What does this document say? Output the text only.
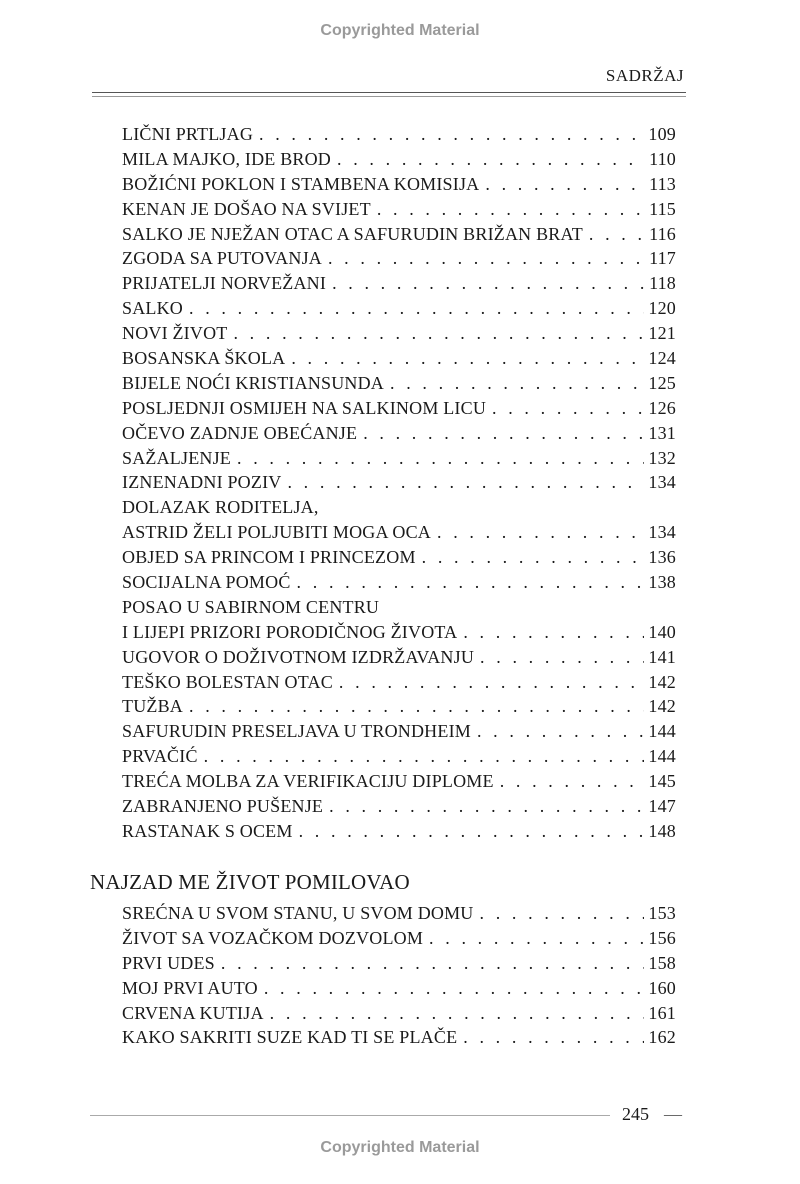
Copyrighted Material
SADRŽAJ
LIČNI PRTLJAG . . .	109
MILA MAJKO, IDE BROD . . .	110
BOŽIĆNI POKLON I STAMBENA KOMISIJA . . .	113
KENAN JE DOŠAO NA SVIJET . . .	115
SALKO JE NJEŽAN OTAC A SAFURUDIN BRIŽAN BRAT . . .	116
ZGODA SA PUTOVANJA . . .	117
PRIJATELJI NORVEŽANI . . .	118
SALKO . . .	120
NOVI ŽIVOT . . .	121
BOSANSKA ŠKOLA . . .	124
BIJELE NOĆI KRISTIANSUNDA . . .	125
POSLJEDNJI OSMIJEH NA SALKINOM LICU . . .	126
OČEVO ZADNJE OBEĆANJE . . .	131
SAŽALJENJE . . .	132
IZNENADNI POZIV . . .	134
DOLAZAK RODITELJA,
ASTRID ŽELI POLJUBITI MOGA OCA . . .	134
OBJED SA PRINCOM I PRINCEZOM . . .	136
SOCIJALNA POMOĆ . . .	138
POSAO U SABIRNOM CENTRU
I LIJEPI PRIZORI PORODIČNOG ŽIVOTA . . .	140
UGOVOR O DOŽIVOTNOM IZDRŽAVANJU . . .	141
TEŠKO BOLESTAN OTAC . . .	142
TUŽBA . . .	142
SAFURUDIN PRESELJAVA U TRONDHEIM . . .	144
PRVAČIĆ . . .	144
TREĆA MOLBA ZA VERIFIKACIJU DIPLOME . . .	145
ZABRANJENO PUŠENJE . . .	147
RASTANAK S OCEM . . .	148
NAJZAD ME ŽIVOT POMILOVAO
SREĆNA U SVOM STANU, U SVOM DOMU . . .	153
ŽIVOT SA VOZAČKOM DOZVOLOM . . .	156
PRVI UDES . . .	158
MOJ PRVI AUTO . . .	160
CRVENA KUTIJA . . .	161
KAKO SAKRITI SUZE KAD TI SE PLAČE . . .	162
245 —
Copyrighted Material
